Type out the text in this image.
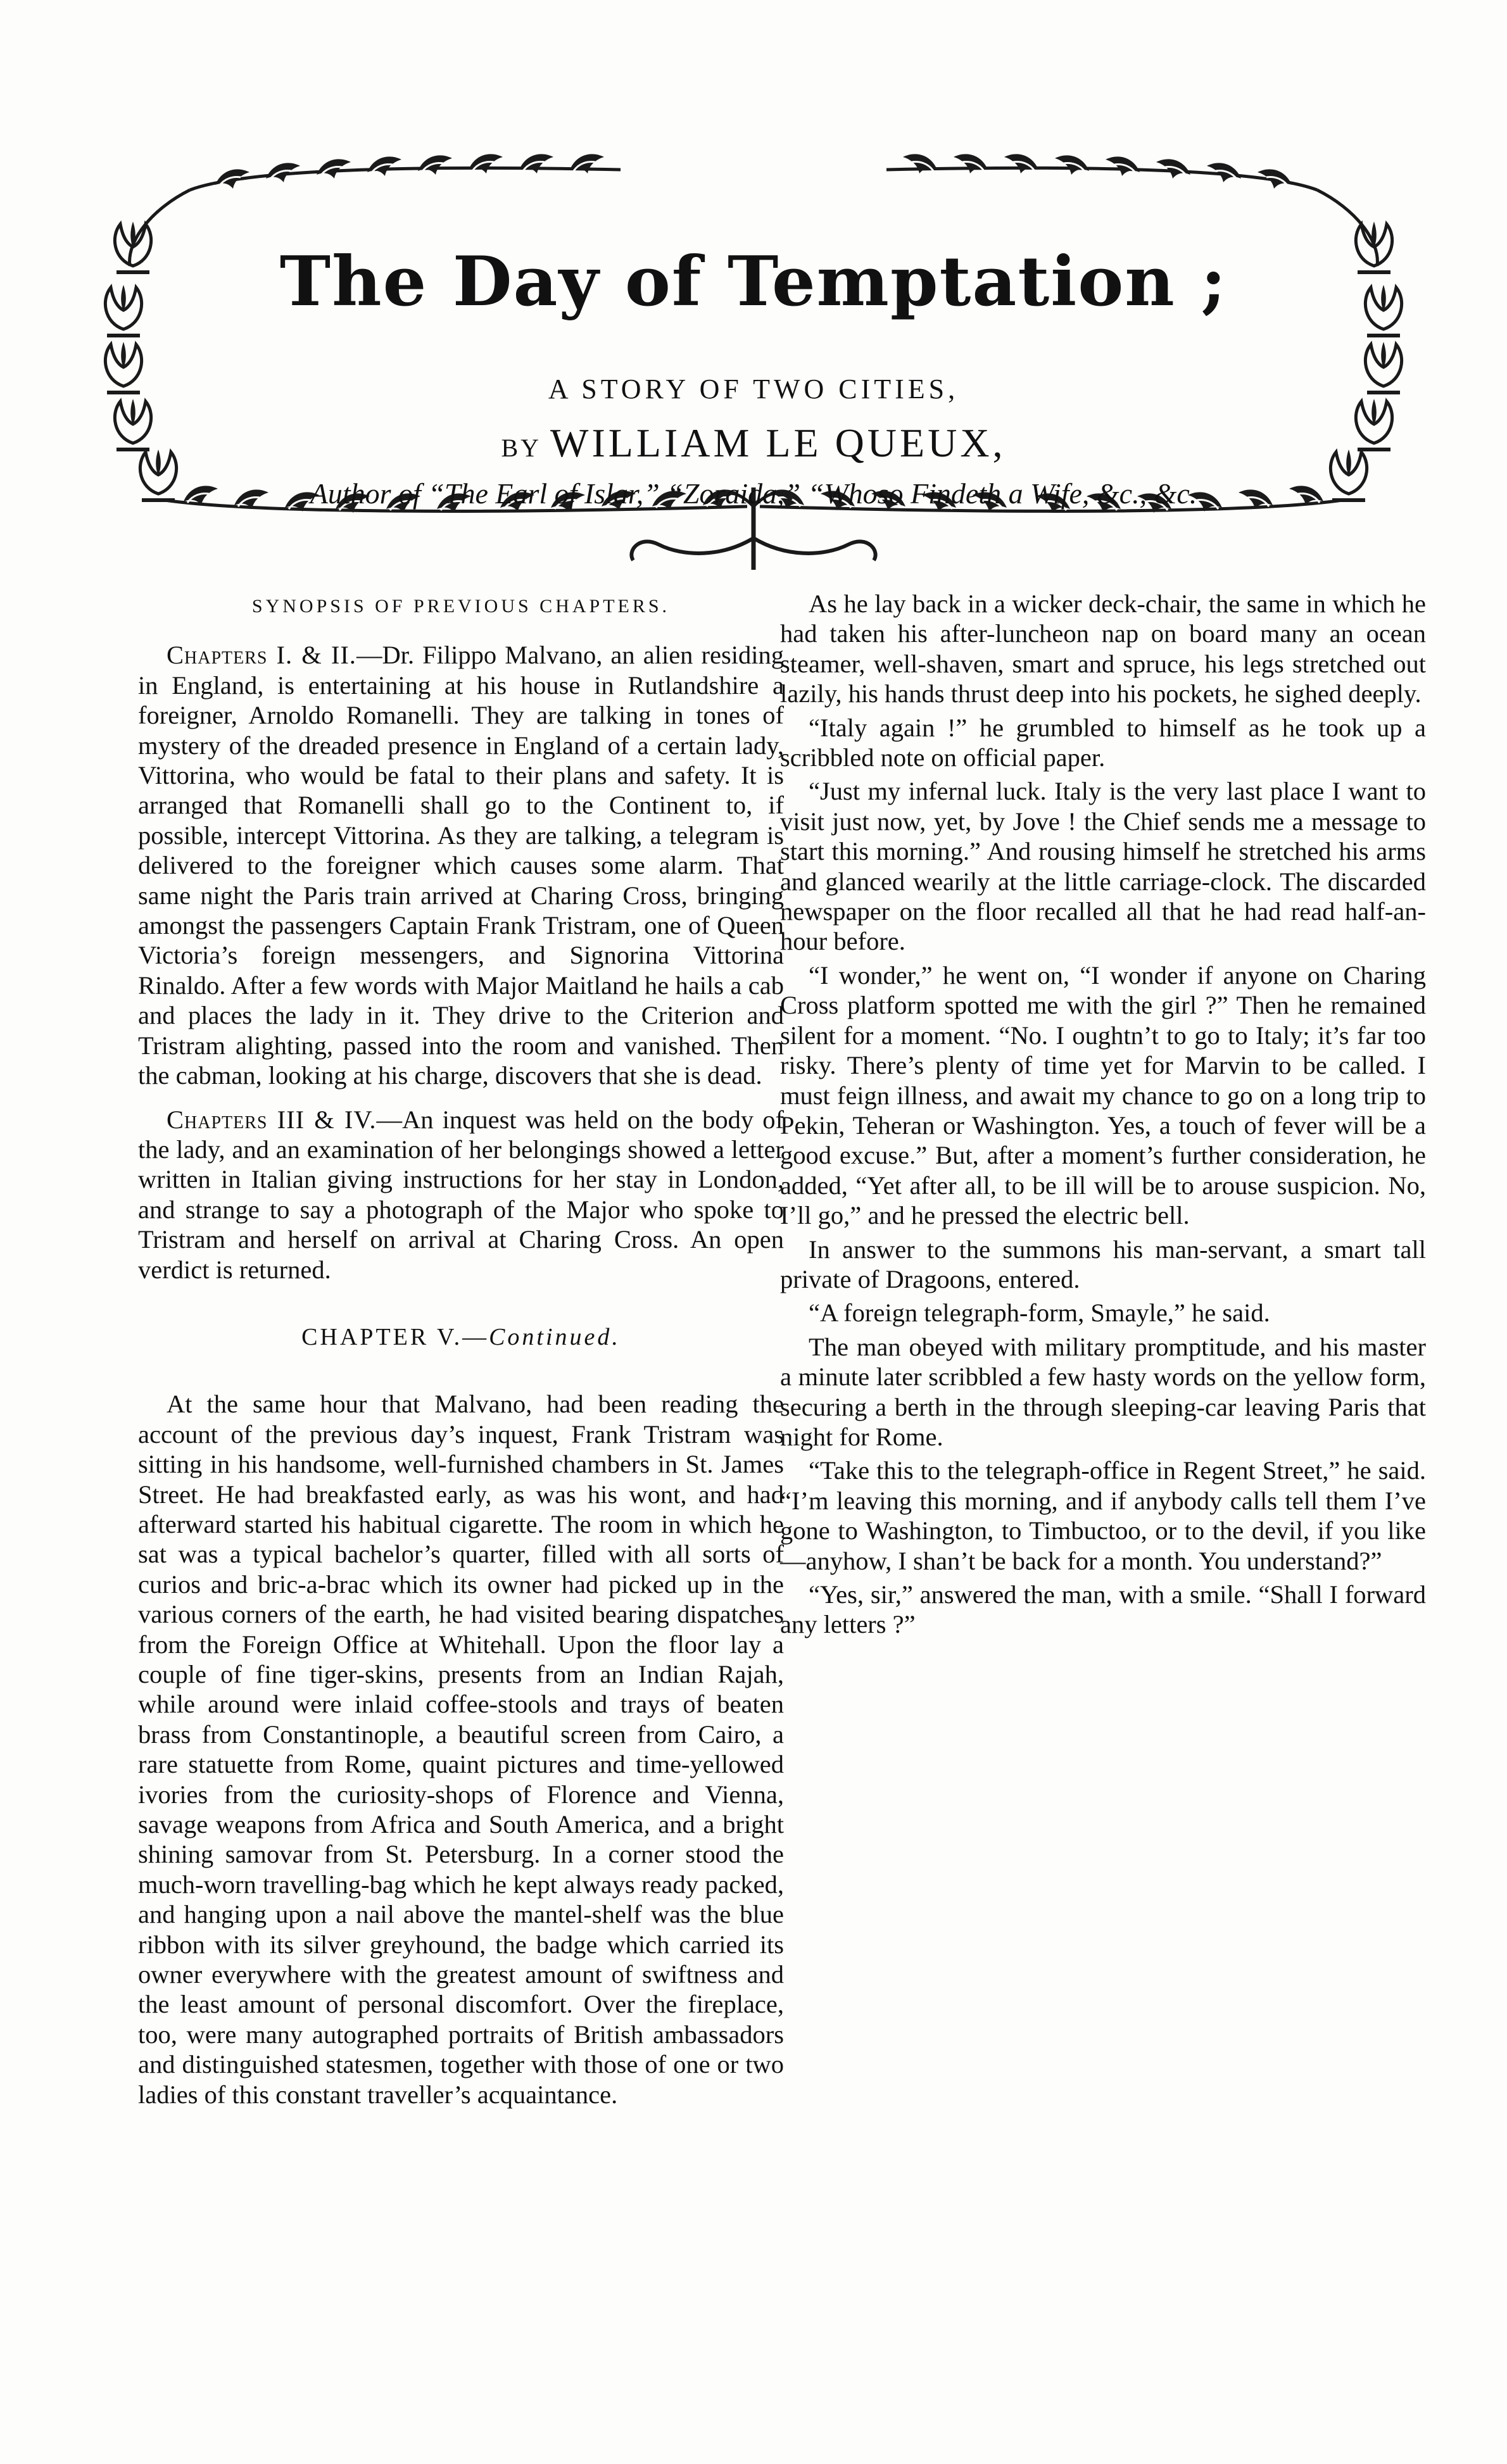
The Day of Temptation ;
A STORY OF TWO CITIES,
BY WILLIAM LE QUEUX,
Author of “The Earl of Islar,” “Zoraida,” “Whoso Findeth a Wife, &c., &c.
SYNOPSIS OF PREVIOUS CHAPTERS.

Chapters I. & II.—Dr. Filippo Malvano, an alien residing in England, is entertaining at his house in Rutlandshire a foreigner, Arnoldo Romanelli. They are talking in tones of mystery of the dreaded presence in England of a certain lady, Vittorina, who would be fatal to their plans and safety. It is arranged that Romanelli shall go to the Continent to, if possible, intercept Vittorina. As they are talking, a telegram is delivered to the foreigner which causes some alarm. That same night the Paris train arrived at Charing Cross, bringing amongst the passengers Captain Frank Tristram, one of Queen Victoria’s foreign messengers, and Signorina Vittorina Rinaldo. After a few words with Major Maitland he hails a cab and places the lady in it. They drive to the Criterion and Tristram alighting, passed into the room and vanished. Then the cabman, looking at his charge, discovers that she is dead.

Chapters III & IV.—An inquest was held on the body of the lady, and an examination of her belongings showed a letter written in Italian giving instructions for her stay in London, and strange to say a photograph of the Major who spoke to Tristram and herself on arrival at Charing Cross. An open verdict is returned.

CHAPTER V.—Continued.

At the same hour that Malvano, had been reading the account of the previous day’s inquest, Frank Tristram was sitting in his handsome, well-furnished chambers in St. James Street. He had breakfasted early, as was his wont, and had afterward started his habitual cigarette. The room in which he sat was a typical bachelor’s quarter, filled with all sorts of curios and bric-a-brac which its owner had picked up in the various corners of the earth, he had visited bearing dispatches from the Foreign Office at Whitehall. Upon the floor lay a couple of fine tiger-skins, presents from an Indian Rajah, while around were inlaid coffee-stools and trays of beaten brass from Constantinople, a beautiful screen from Cairo, a rare statuette from Rome, quaint pictures and time-yellowed ivories from the curiosity-shops of Florence and Vienna, savage weapons from Africa and South America, and a bright shining samovar from St. Petersburg. In a corner stood the much-worn travelling-bag which he kept always ready packed, and hanging upon a nail above the mantel-shelf was the blue ribbon with its silver greyhound, the badge which carried its owner everywhere with the greatest amount of swiftness and the least amount of personal discomfort. Over the fireplace, too, were many autographed portraits of British ambassadors and distinguished statesmen, together with those of one or two ladies of this constant traveller’s acquaintance.

As he lay back in a wicker deck-chair, the same in which he had taken his after-luncheon nap on board many an ocean steamer, well-shaven, smart and spruce, his legs stretched out lazily, his hands thrust deep into his pockets, he sighed deeply.

“Italy again !” he grumbled to himself as he took up a scribbled note on official paper.

“Just my infernal luck. Italy is the very last place I want to visit just now, yet, by Jove ! the Chief sends me a message to start this morning.” And rousing himself he stretched his arms and glanced wearily at the little carriage-clock. The discarded newspaper on the floor recalled all that he had read half-an-hour before.

“I wonder,” he went on, “I wonder if anyone on Charing Cross platform spotted me with the girl ?” Then he remained silent for a moment. “No. I oughtn’t to go to Italy; it’s far too risky. There’s plenty of time yet for Marvin to be called. I must feign illness, and await my chance to go on a long trip to Pekin, Teheran or Washington. Yes, a touch of fever will be a good excuse.” But, after a moment’s further consideration, he added, “Yet after all, to be ill will be to arouse suspicion. No, I’ll go,” and he pressed the electric bell.

In answer to the summons his man-servant, a smart tall private of Dragoons, entered.

“A foreign telegraph-form, Smayle,” he said.

The man obeyed with military promptitude, and his master a minute later scribbled a few hasty words on the yellow form, securing a berth in the through sleeping-car leaving Paris that night for Rome.

“Take this to the telegraph-office in Regent Street,” he said. “I’m leaving this morning, and if anybody calls tell them I’ve gone to Washington, to Timbuctoo, or to the devil, if you like—anyhow, I shan’t be back for a month. You understand?”

“Yes, sir,” answered the man, with a smile. “Shall I forward any letters ?”
